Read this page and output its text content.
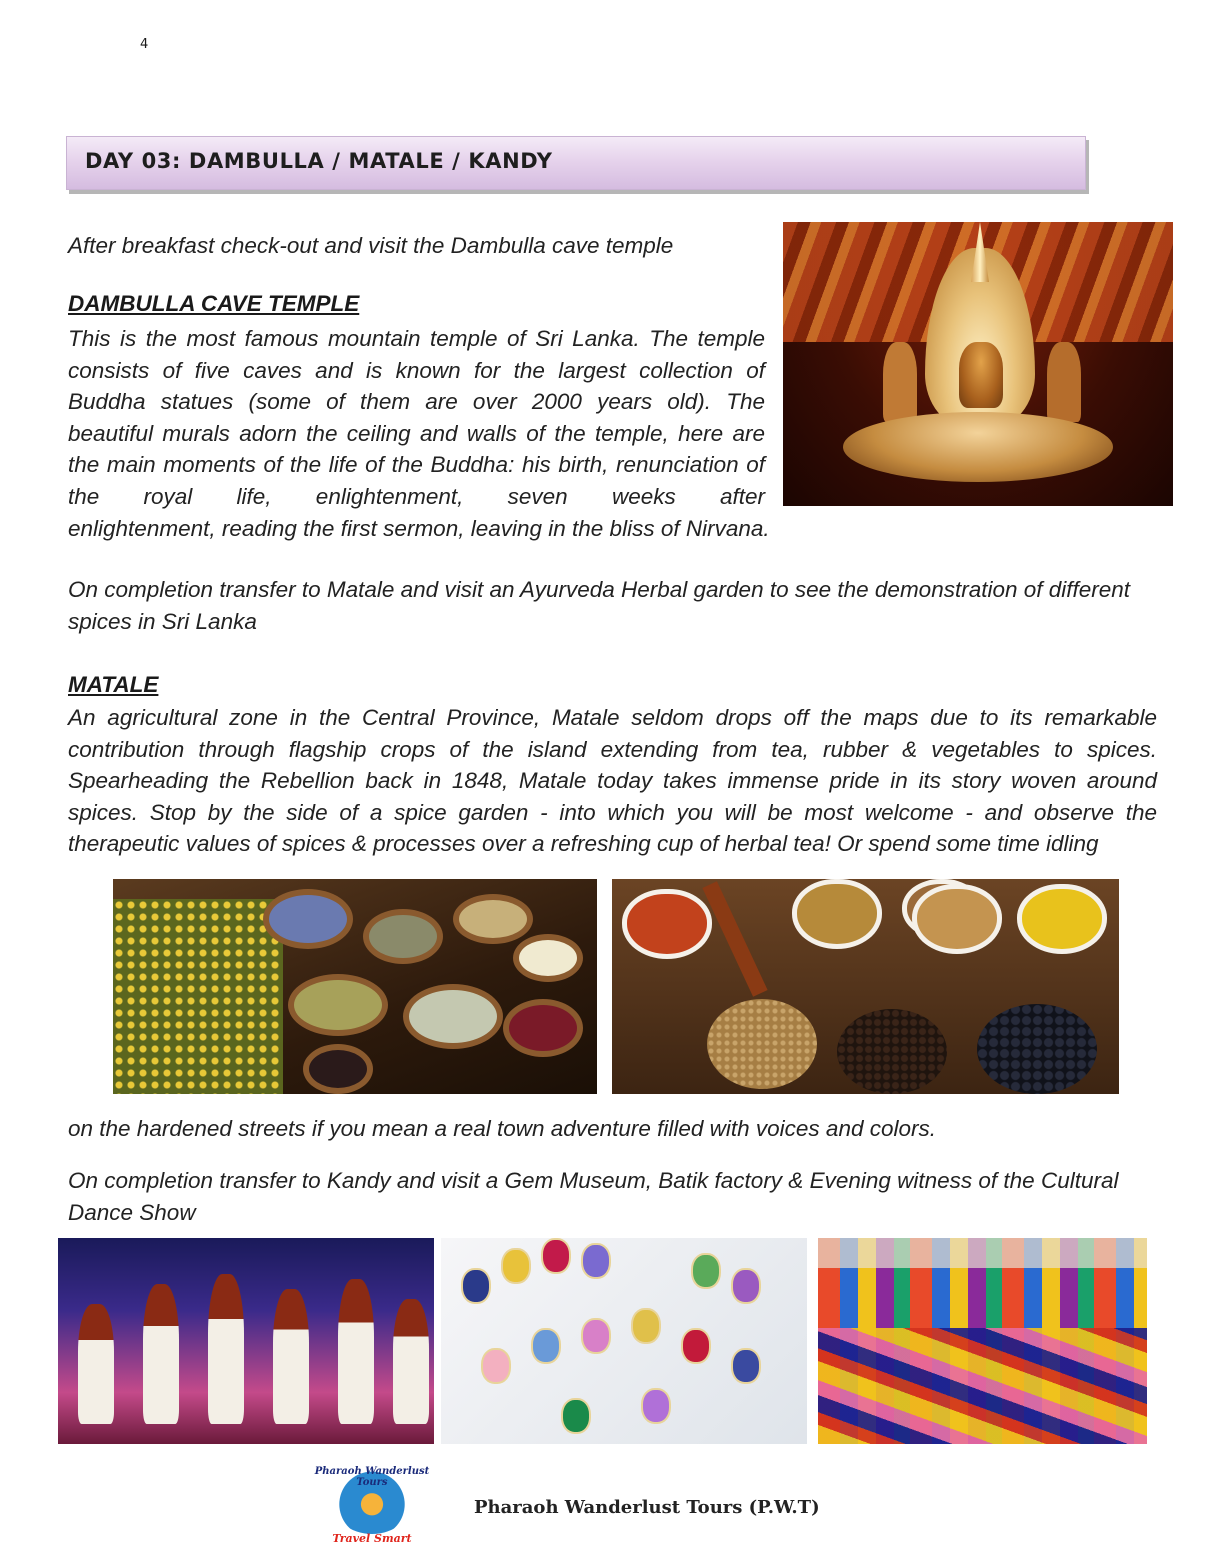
4
DAY 03: DAMBULLA / MATALE / KANDY
After breakfast check-out and visit the Dambulla cave temple
DAMBULLA CAVE TEMPLE
This is the most famous mountain temple of Sri Lanka. The temple consists of five caves and is known for the largest collection of Buddha statues (some of them are over 2000 years old). The beautiful murals adorn the ceiling and walls of the temple, here are the main moments of the life of the Buddha: his birth, renunciation of the royal life, enlightenment, seven weeks after
enlightenment, reading the first sermon, leaving in the bliss of Nirvana.
On completion transfer to Matale and visit an Ayurveda Herbal garden to see the demonstration of different spices in Sri Lanka
MATALE
An agricultural zone in the Central Province, Matale seldom drops off the maps due to its remarkable contribution through flagship crops of the island extending from tea, rubber & vegetables to spices. Spearheading the Rebellion back in 1848, Matale today takes immense pride in its story woven around spices. Stop by the side of a spice garden - into which you will be most welcome - and observe the therapeutic values of spices & processes over a refreshing cup of herbal tea! Or spend some time idling
on the hardened streets if you mean a real town adventure filled with voices and colors.
On completion transfer to Kandy and visit a Gem Museum, Batik factory & Evening witness of the Cultural Dance Show
Pharaoh Wanderlust Tours
Travel Smart
Pharaoh Wanderlust Tours (P.W.T)
